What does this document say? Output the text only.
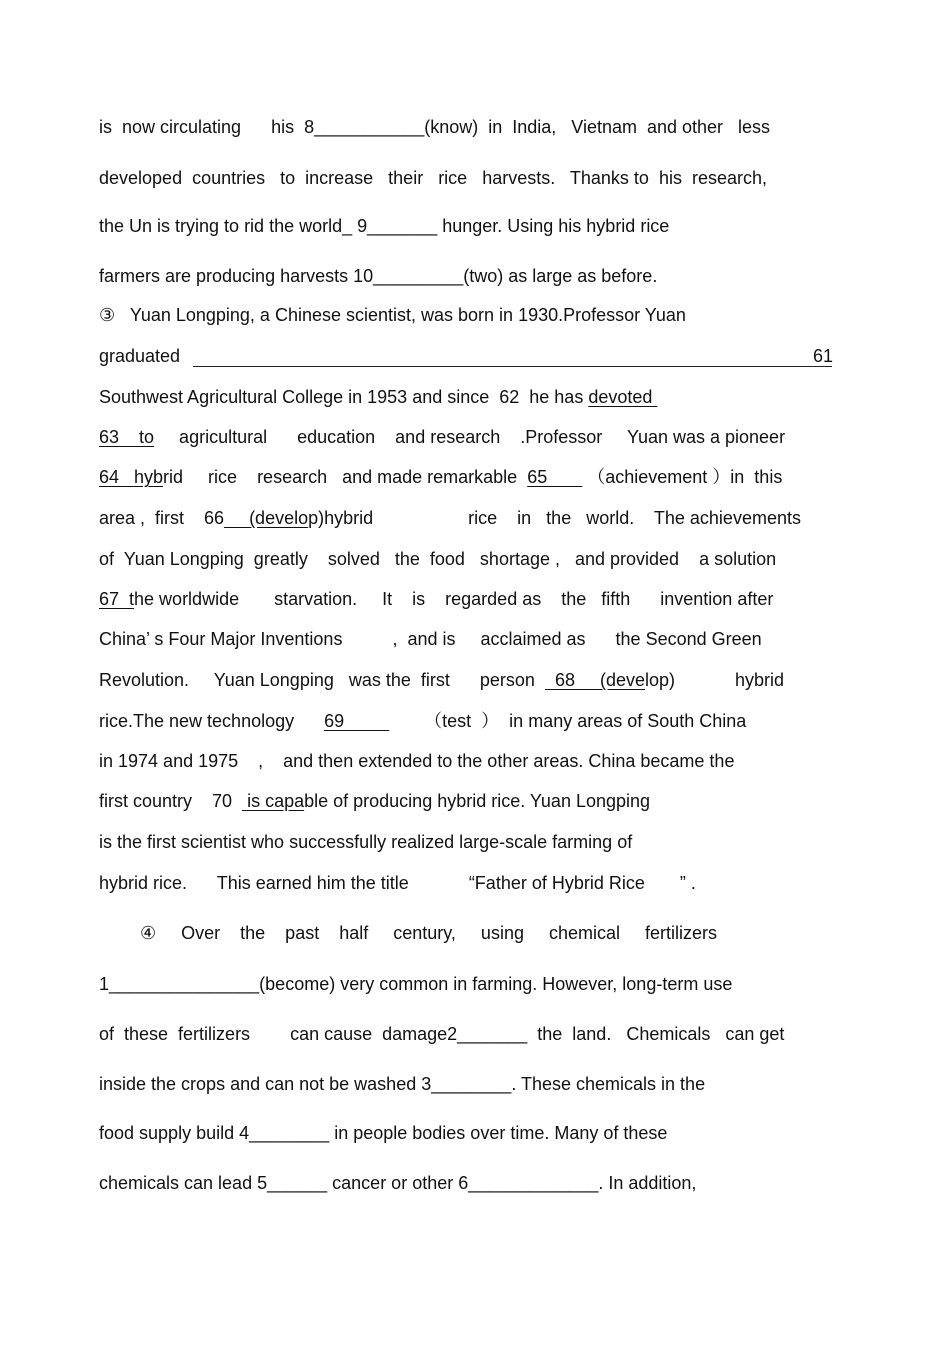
is  now circulating      his  8___________(know)  in  India,   Vietnam  and other   less
developed  countries   to  increase   their   rice   harvests.   Thanks to  his  research,
the Un is trying to rid the world_ 9_______ hunger. Using his hybrid rice
farmers are producing harvests 10_________(two) as large as before.
③   Yuan Longping, a Chinese scientist, was born in 1930.Professor Yuan
graduated	61
Southwest Agricultural College in 1953 and since  62  he has devoted
63    to     agricultural      education    and research    .Professor     Yuan was a pioneer
64   hybrid     rice    research   and made remarkable  65        （achievement ）in  this
area ,  first    66     (develop)hybrid                   rice    in   the   world.    The achievements
of  Yuan Longping  greatly    solved   the  food   shortage ,   and provided    a solution
67  the worldwide       starvation.     It    is    regarded as    the   fifth      invention after
China’ s Four Major Inventions          ,  and is     acclaimed as      the Second Green
Revolution.     Yuan Longping   was the  first      person    68     (develop)            hybrid
rice.The new technology      69                （test  ）  in many areas of South China
in 1974 and 1975    ,    and then extended to the other areas. China became the
first country    70   is capable of producing hybrid rice. Yuan Longping
is the first scientist who successfully realized large-scale farming of
hybrid rice.      This earned him the title            “Father of Hybrid Rice       ” .
④     Over    the    past    half     century,     using     chemical     fertilizers
1_______________(become) very common in farming. However, long-term use
of  these  fertilizers        can cause  damage2_______  the  land.   Chemicals   can get
inside the crops and can not be washed 3________. These chemicals in the
food supply build 4________ in people bodies over time. Many of these
chemicals can lead 5______ cancer or other 6_____________. In addition,
